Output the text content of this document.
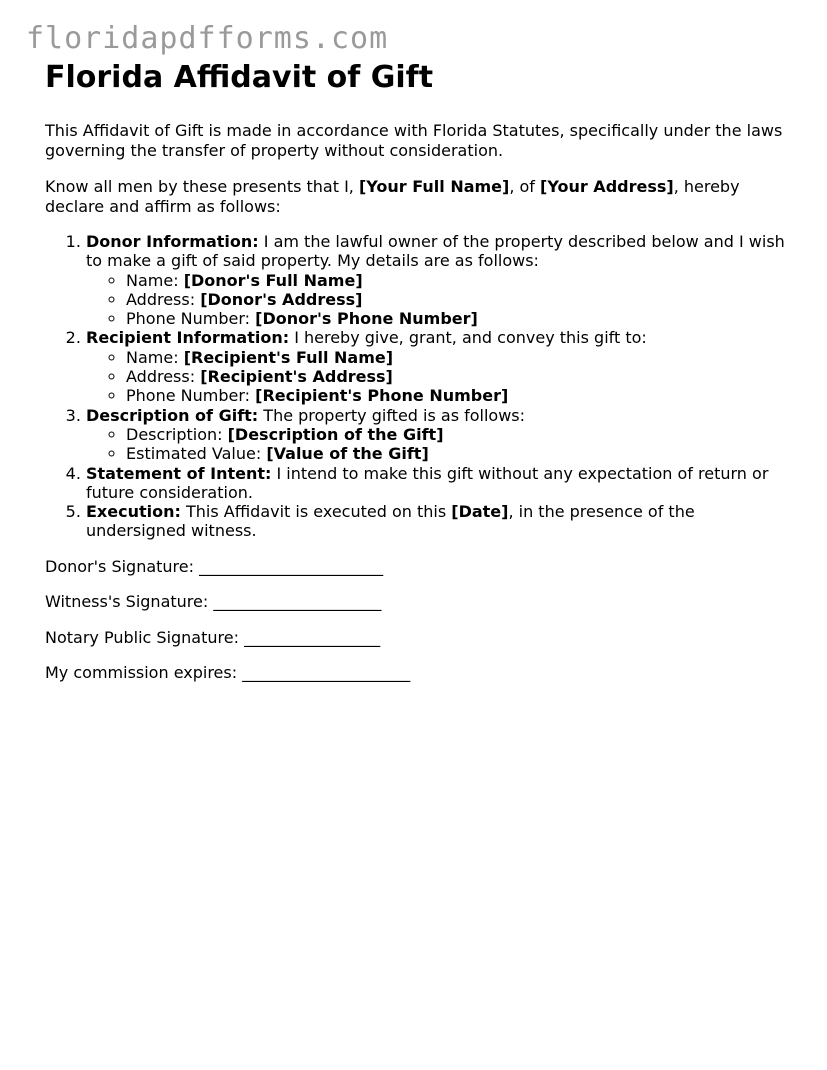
floridapdfforms.com
Florida Affidavit of Gift

This Affidavit of Gift is made in accordance with Florida Statutes, specifically under the laws governing the transfer of property without consideration.

Know all men by these presents that I, [Your Full Name], of [Your Address], hereby declare and affirm as follows:

1. Donor Information: I am the lawful owner of the property described below and I wish to make a gift of said property. My details are as follows:
◦ Name: [Donor's Full Name]
◦ Address: [Donor's Address]
◦ Phone Number: [Donor's Phone Number]
2. Recipient Information: I hereby give, grant, and convey this gift to:
◦ Name: [Recipient's Full Name]
◦ Address: [Recipient's Address]
◦ Phone Number: [Recipient's Phone Number]
3. Description of Gift: The property gifted is as follows:
◦ Description: [Description of the Gift]
◦ Estimated Value: [Value of the Gift]
4. Statement of Intent: I intend to make this gift without any expectation of return or future consideration.
5. Execution: This Affidavit is executed on this [Date], in the presence of the undersigned witness.

Donor's Signature: _______________________

Witness's Signature: _____________________

Notary Public Signature: _________________

My commission expires: _____________________
